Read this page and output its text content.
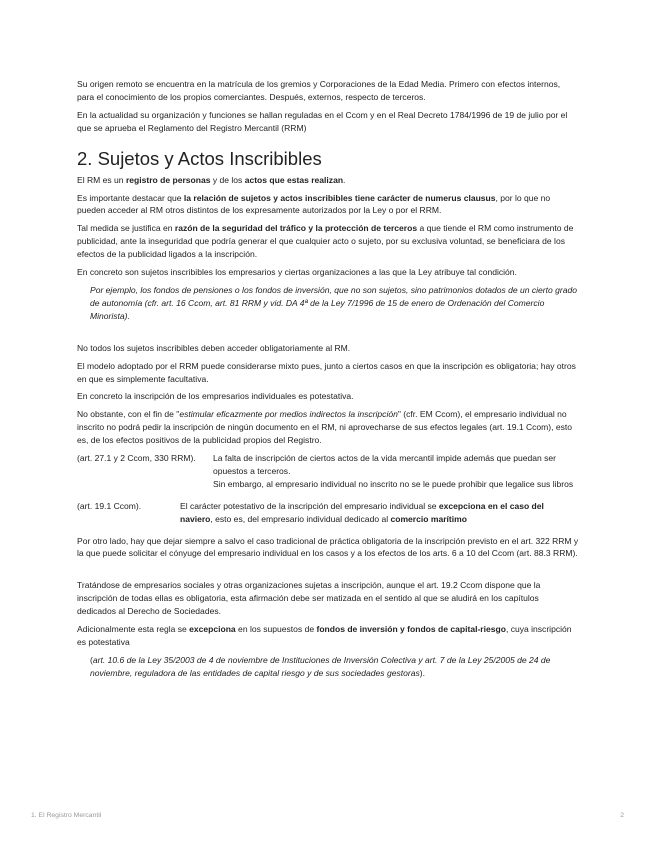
Su origen remoto se encuentra en la matrícula de los gremios y Corporaciones de la Edad Media. Primero con efectos internos, para el conocimiento de los propios comerciantes. Después, externos, respecto de terceros.

En la actualidad su organización y funciones se hallan reguladas en el Ccom y en el Real Decreto 1784/1996 de 19 de julio por el que se aprueba el Reglamento del Registro Mercantil (RRM)

2. Sujetos y Actos Inscribibles

El RM es un registro de personas y de los actos que estas realizan.

Es importante destacar que la relación de sujetos y actos inscribibles tiene carácter de numerus clausus, por lo que no pueden acceder al RM otros distintos de los expresamente autorizados por la Ley o por el RRM.

Tal medida se justifica en razón de la seguridad del tráfico y la protección de terceros a que tiende el RM como instrumento de publicidad, ante la inseguridad que podría generar el que cualquier acto o sujeto, por su exclusiva voluntad, se beneficiara de los efectos de la publicidad ligados a la inscripción.

En concreto son sujetos inscribibles los empresarios y ciertas organizaciones a las que la Ley atribuye tal condición.

Por ejemplo, los fondos de pensiones o los fondos de inversión, que no son sujetos, sino patrimonios dotados de un cierto grado de autonomía (cfr. art. 16 Ccom, art. 81 RRM y vid. DA 4ª de la Ley 7/1996 de 15 de enero de Ordenación del Comercio Minorista).

No todos los sujetos inscribibles deben acceder obligatoriamente al RM.

El modelo adoptado por el RRM puede considerarse mixto pues, junto a ciertos casos en que la inscripción es obligatoria; hay otros en que es simplemente facultativa.

En concreto la inscripción de los empresarios individuales es potestativa.

No obstante, con el fin de "estimular eficazmente por medios indirectos la inscripción" (cfr. EM Ccom), el empresario individual no inscrito no podrá pedir la inscripción de ningún documento en el RM, ni aprovecharse de sus efectos legales (art. 19.1 Ccom), esto es, de los efectos positivos de la publicidad propios del Registro.

(art. 27.1 y 2 Ccom, 330 RRM).	La falta de inscripción de ciertos actos de la vida mercantil impide además que puedan ser opuestos a terceros.

Sin embargo, al empresario individual no inscrito no se le puede prohibir que legalice sus libros

(art. 19.1 Ccom).	El carácter potestativo de la inscripción del empresario individual se excepciona en el caso del naviero, esto es, del empresario individual dedicado al comercio marítimo

Por otro lado, hay que dejar siempre a salvo el caso tradicional de práctica obligatoria de la inscripción previsto en el art. 322 RRM y la que puede solicitar el cónyuge del empresario individual en los casos y a los efectos de los arts. 6 a 10 del Ccom (art. 88.3 RRM).

Tratándose de empresarios sociales y otras organizaciones sujetas a inscripción, aunque el art. 19.2 Ccom dispone que la inscripción de todas ellas es obligatoria, esta afirmación debe ser matizada en el sentido al que se aludirá en los capítulos dedicados al Derecho de Sociedades.

Adicionalmente esta regla se excepciona en los supuestos de fondos de inversión y fondos de capital-riesgo, cuya inscripción es potestativa

(art. 10.6 de la Ley 35/2003 de 4 de noviembre de Instituciones de Inversión Colectiva y art. 7 de la Ley 25/2005 de 24 de noviembre, reguladora de las entidades de capital riesgo y de sus sociedades gestoras).

1. El Registro Mercantil	2
